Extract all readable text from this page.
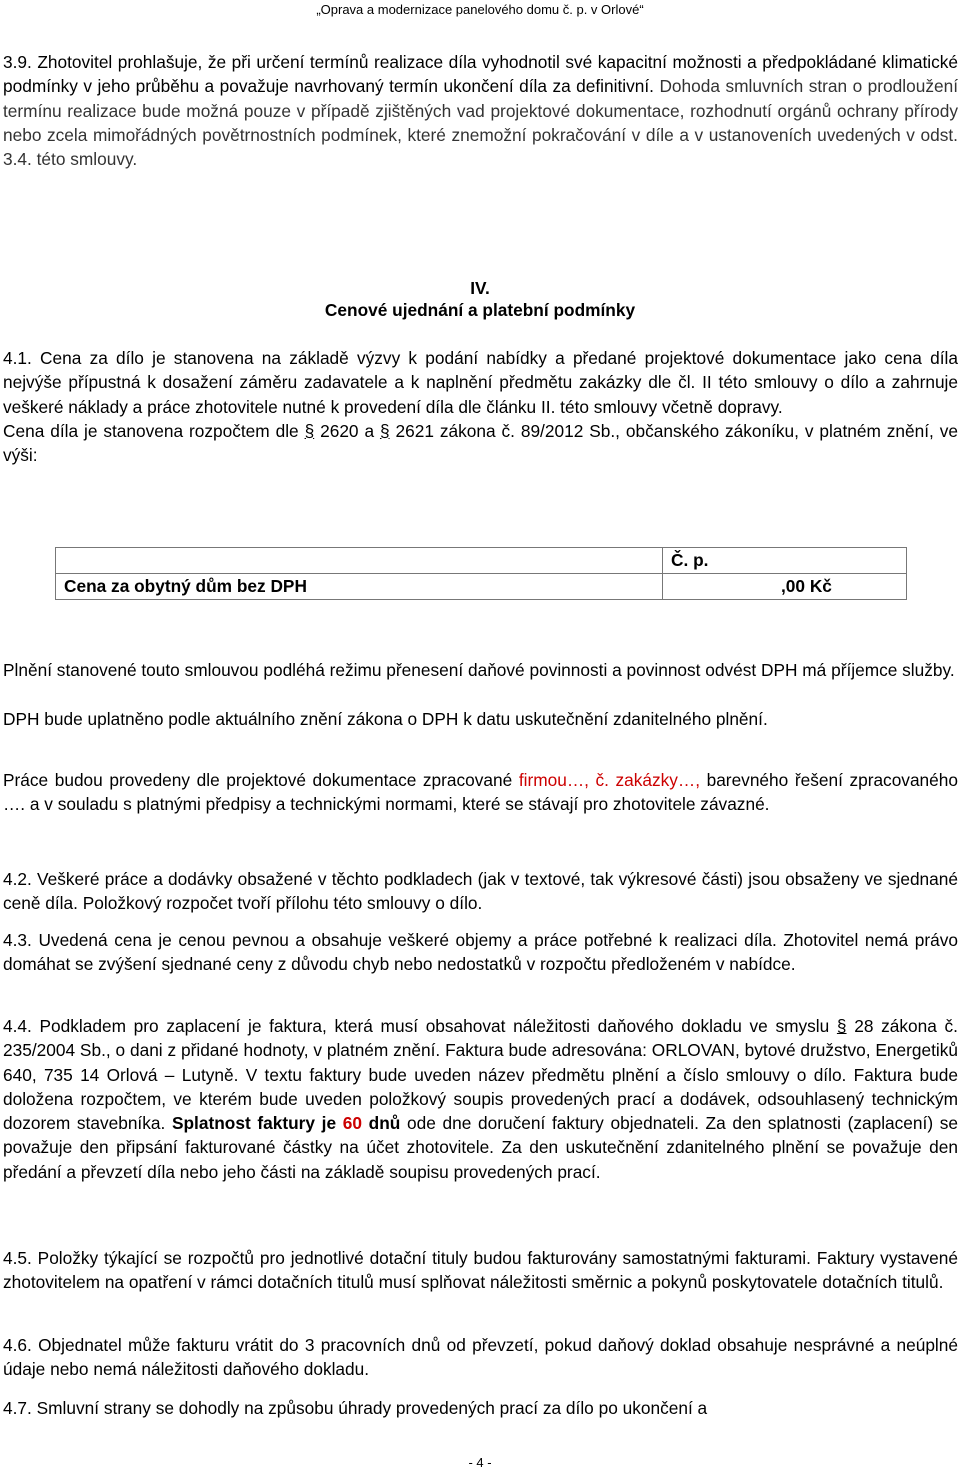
„Oprava a modernizace panelového domu č. p. v Orlové“

3.9. Zhotovitel prohlašuje, že při určení termínů realizace díla vyhodnotil své kapacitní možnosti a předpokládané klimatické podmínky v jeho průběhu a považuje navrhovaný termín ukončení díla za definitivní. Dohoda smluvních stran o prodloužení termínu realizace bude možná pouze v případě zjištěných vad projektové dokumentace, rozhodnutí orgánů ochrany přírody nebo zcela mimořádných povětrnostních podmínek, které znemožní pokračování v díle a v ustanoveních uvedených v odst. 3.4. této smlouvy.

IV.
Cenové ujednání a platební podmínky

4.1. Cena za dílo je stanovena na základě výzvy k podání nabídky a předané projektové dokumentace jako cena díla nejvýše přípustná k dosažení záměru zadavatele a k naplnění předmětu zakázky dle čl. II této smlouvy o dílo a zahrnuje veškeré náklady a práce zhotovitele nutné k provedení díla dle článku II. této smlouvy včetně dopravy.
Cena díla je stanovena rozpočtem dle § 2620 a § 2621 zákona č. 89/2012 Sb., občanského zákoníku, v platném znění, ve výši:

	Č. p.
Cena za obytný dům bez DPH	,00 Kč

Plnění stanovené touto smlouvou podléhá režimu přenesení daňové povinnosti a povinnost odvést DPH má příjemce služby.

DPH bude uplatněno podle aktuálního znění zákona o DPH k datu uskutečnění zdanitelného plnění.

Práce budou provedeny dle projektové dokumentace zpracované firmou…, č. zakázky…, barevného řešení zpracovaného …. a v souladu s platnými předpisy a technickými normami, které se stávají pro zhotovitele závazné.

4.2. Veškeré práce a dodávky obsažené v těchto podkladech (jak v textové, tak výkresové části) jsou obsaženy ve sjednané ceně díla. Položkový rozpočet tvoří přílohu této smlouvy o dílo.

4.3. Uvedená cena je cenou pevnou a obsahuje veškeré objemy a práce potřebné k realizaci díla. Zhotovitel nemá právo domáhat se zvýšení sjednané ceny z důvodu chyb nebo nedostatků v rozpočtu předloženém v nabídce.

4.4. Podkladem pro zaplacení je faktura, která musí obsahovat náležitosti daňového dokladu ve smyslu § 28 zákona č. 235/2004 Sb., o dani z přidané hodnoty, v platném znění. Faktura bude adresována: ORLOVAN, bytové družstvo, Energetiků 640, 735 14 Orlová – Lutyně. V textu faktury bude uveden název předmětu plnění a číslo smlouvy o dílo. Faktura bude doložena rozpočtem, ve kterém bude uveden položkový soupis provedených prací a dodávek, odsouhlasený technickým dozorem stavebníka. Splatnost faktury je 60 dnů ode dne doručení faktury objednateli. Za den splatnosti (zaplacení) se považuje den připsání fakturované částky na účet zhotovitele. Za den uskutečnění zdanitelného plnění se považuje den předání a převzetí díla nebo jeho části na základě soupisu provedených prací.

4.5. Položky týkající se rozpočtů pro jednotlivé dotační tituly budou fakturovány samostatnými fakturami. Faktury vystavené zhotovitelem na opatření v rámci dotačních titulů musí splňovat náležitosti směrnic a pokynů poskytovatele dotačních titulů.

4.6. Objednatel může fakturu vrátit do 3 pracovních dnů od převzetí, pokud daňový doklad obsahuje nesprávné a neúplné údaje nebo nemá náležitosti daňového dokladu.

4.7. Smluvní strany se dohodly na způsobu úhrady provedených prací za dílo po ukončení a

- 4 -
